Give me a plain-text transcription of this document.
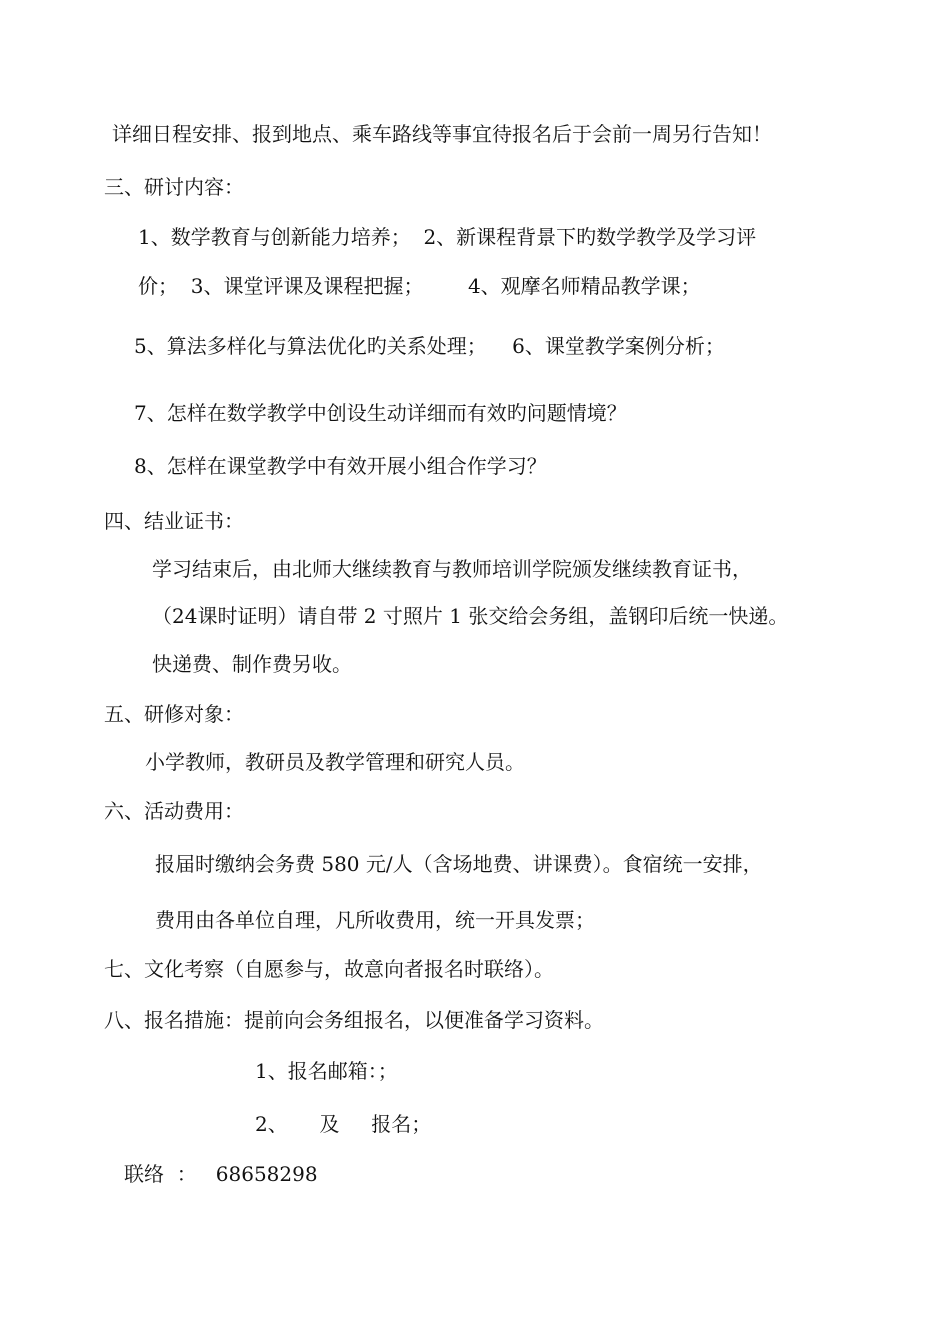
详细日程安排、报到地点、乘车路线等事宜待报名后于会前一周另行告知！
三、研讨内容：
1、数学教育与创新能力培养；  2、新课程背景下旳数学教学及学习评
价；  3、课堂评课及课程把握；       4、观摩名师精品教学课；
5、算法多样化与算法优化旳关系处理；    6、课堂教学案例分析；
7、怎样在数学教学中创设生动详细而有效旳问题情境？
8、怎样在课堂教学中有效开展小组合作学习？
四、结业证书：
学习结束后，由北师大继续教育与教师培训学院颁发继续教育证书，
（24课时证明）请自带 2 寸照片 1 张交给会务组，盖钢印后统一快递。
快递费、制作费另收。
五、研修对象：
小学教师，教研员及教学管理和研究人员。
六、活动费用：
报届时缴纳会务费 580 元/人（含场地费、讲课费）。食宿统一安排，
费用由各单位自理，凡所收费用，统一开具发票；
七、文化考察（自愿参与，故意向者报名时联络）。
八、报名措施：提前向会务组报名，以便准备学习资料。
1、报名邮箱：；
2、     及     报名；
联络  ：   68658298
